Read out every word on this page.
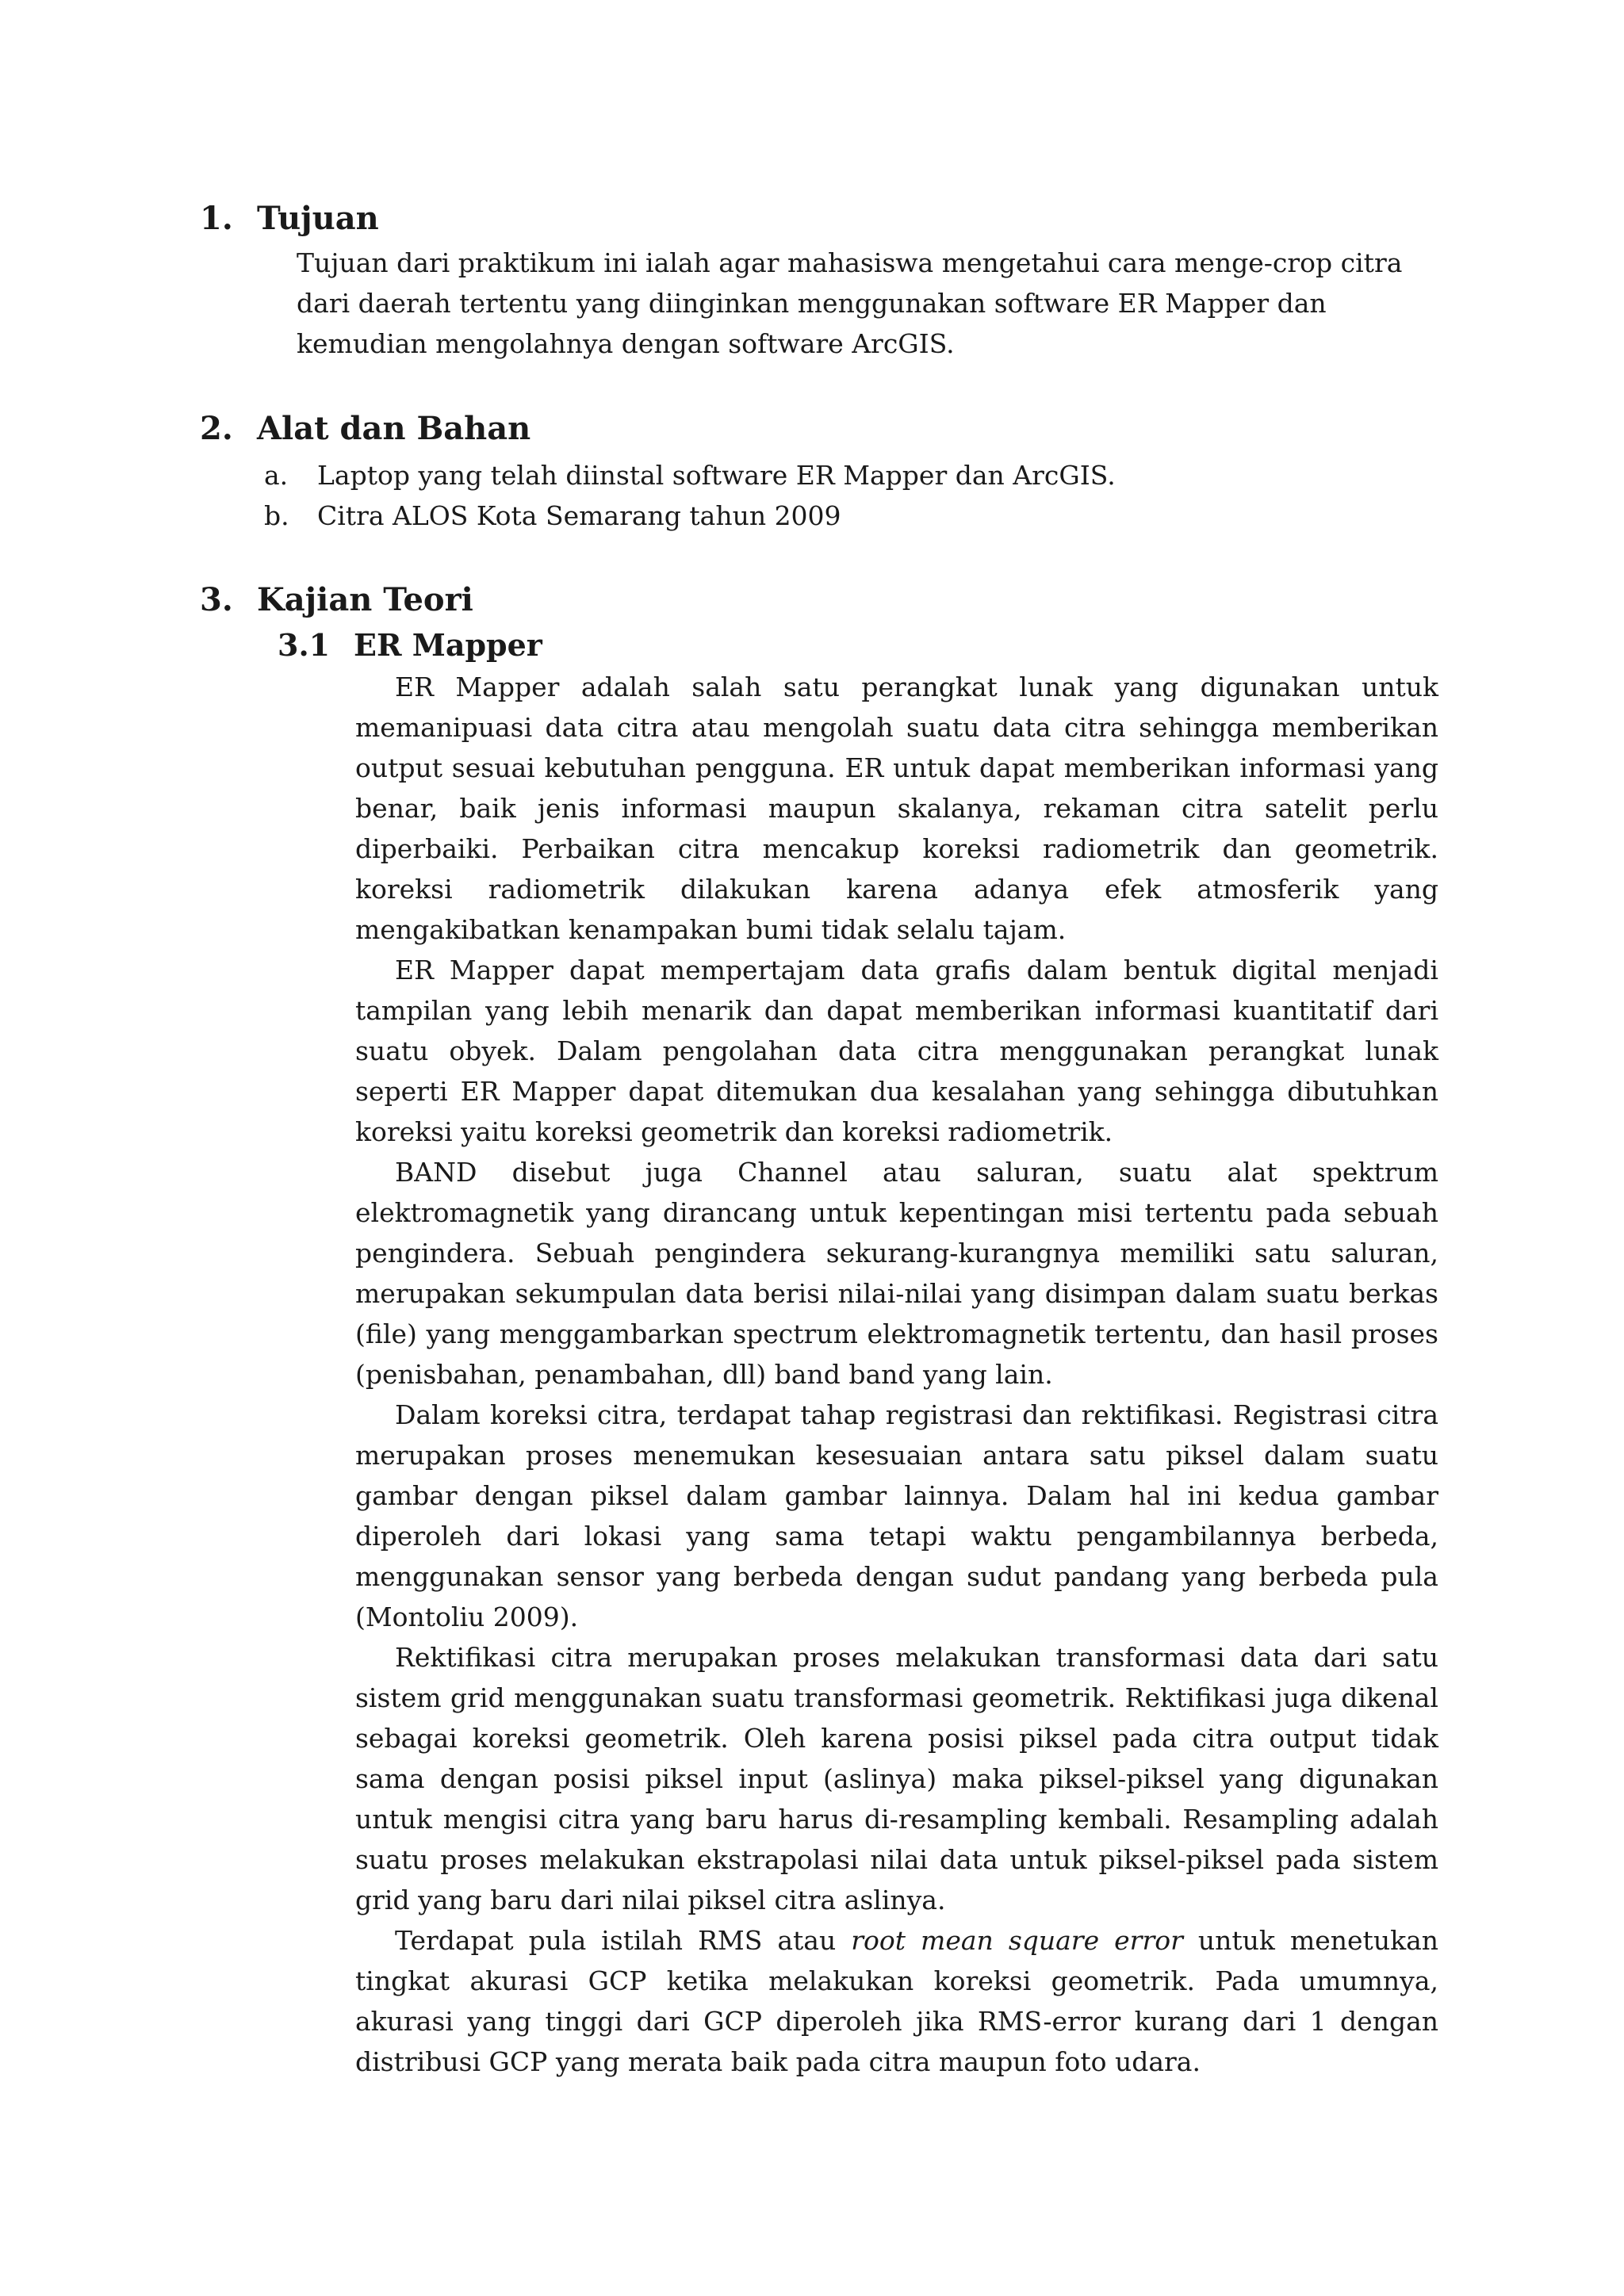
1. Tujuan

Tujuan dari praktikum ini ialah agar mahasiswa mengetahui cara menge-crop citra dari daerah tertentu yang diinginkan menggunakan software ER Mapper dan kemudian mengolahnya dengan software ArcGIS.

2. Alat dan Bahan
a. Laptop yang telah diinstal software ER Mapper dan ArcGIS.
b. Citra ALOS Kota Semarang tahun 2009
3. Kajian Teori
3.1 ER Mapper

ER Mapper adalah salah satu perangkat lunak yang digunakan untuk memanipuasi data citra atau mengolah suatu data citra sehingga memberikan output sesuai kebutuhan pengguna. ER untuk dapat memberikan informasi yang benar, baik jenis informasi maupun skalanya, rekaman citra satelit perlu diperbaiki. Perbaikan citra mencakup koreksi radiometrik dan geometrik. koreksi radiometrik dilakukan karena adanya efek atmosferik yang mengakibatkan kenampakan bumi tidak selalu tajam.

ER Mapper dapat mempertajam data grafis dalam bentuk digital menjadi tampilan yang lebih menarik dan dapat memberikan informasi kuantitatif dari suatu obyek. Dalam pengolahan data citra menggunakan perangkat lunak seperti ER Mapper dapat ditemukan dua kesalahan yang sehingga dibutuhkan koreksi yaitu koreksi geometrik dan koreksi radiometrik.

BAND disebut juga Channel atau saluran, suatu alat spektrum elektromagnetik yang dirancang untuk kepentingan misi tertentu pada sebuah pengindera. Sebuah pengindera sekurang-kurangnya memiliki satu saluran, merupakan sekumpulan data berisi nilai-nilai yang disimpan dalam suatu berkas (file) yang menggambarkan spectrum elektromagnetik tertentu, dan hasil proses (penisbahan, penambahan, dll) band band yang lain.

Dalam koreksi citra, terdapat tahap registrasi dan rektifikasi. Registrasi citra merupakan proses menemukan kesesuaian antara satu piksel dalam suatu gambar dengan piksel dalam gambar lainnya. Dalam hal ini kedua gambar diperoleh dari lokasi yang sama tetapi waktu pengambilannya berbeda, menggunakan sensor yang berbeda dengan sudut pandang yang berbeda pula (Montoliu 2009).

Rektifikasi citra merupakan proses melakukan transformasi data dari satu sistem grid menggunakan suatu transformasi geometrik. Rektifikasi juga dikenal sebagai koreksi geometrik. Oleh karena posisi piksel pada citra output tidak sama dengan posisi piksel input (aslinya) maka piksel-piksel yang digunakan untuk mengisi citra yang baru harus di-resampling kembali. Resampling adalah suatu proses melakukan ekstrapolasi nilai data untuk piksel-piksel pada sistem grid yang baru dari nilai piksel citra aslinya.

Terdapat pula istilah RMS atau root mean square error untuk menetukan tingkat akurasi GCP ketika melakukan koreksi geometrik. Pada umumnya, akurasi yang tinggi dari GCP diperoleh jika RMS-error kurang dari 1 dengan distribusi GCP yang merata baik pada citra maupun foto udara.
